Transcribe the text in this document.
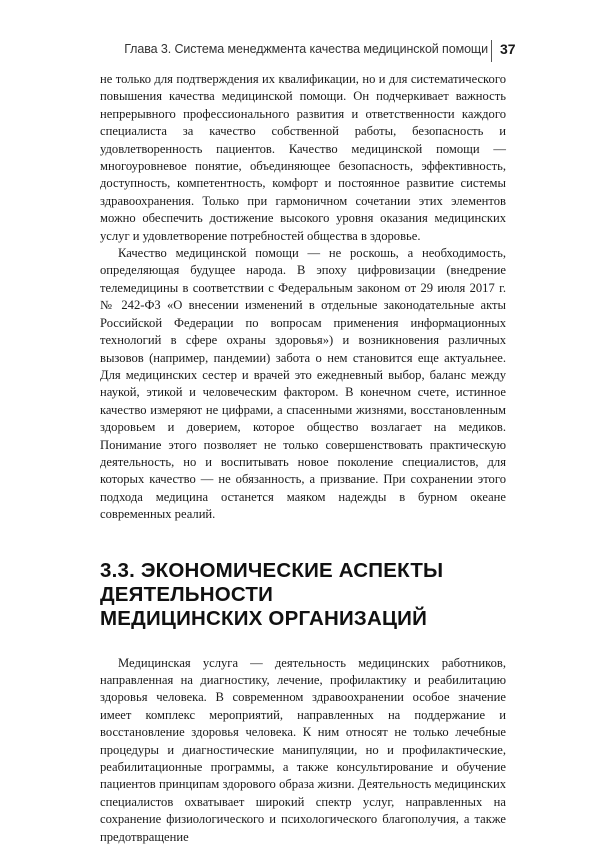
Глава 3. Система менеджмента качества медицинской помощи 37

не только для подтверждения их квалификации, но и для систематического повышения качества медицинской помощи. Он подчеркивает важность непрерывного профессионального развития и ответственности каждого специалиста за качество собственной работы, безопасность и удовлетворенность пациентов. Качество медицинской помощи — многоуровневое понятие, объединяющее безопасность, эффективность, доступность, компетентность, комфорт и постоянное развитие системы здравоохранения. Только при гармоничном сочетании этих элементов можно обеспечить достижение высокого уровня оказания медицинских услуг и удовлетворение потребностей общества в здоровье.

Качество медицинской помощи — не роскошь, а необходимость, определяющая будущее народа. В эпоху цифровизации (внедрение телемедицины в соответствии с Федеральным законом от 29 июля 2017 г. № 242-ФЗ «О внесении изменений в отдельные законодательные акты Российской Федерации по вопросам применения информационных технологий в сфере охраны здоровья») и возникновения различных вызовов (например, пандемии) забота о нем становится еще актуальнее. Для медицинских сестер и врачей это ежедневный выбор, баланс между наукой, этикой и человеческим фактором. В конечном счете, истинное качество измеряют не цифрами, а спасенными жизнями, восстановленным здоровьем и доверием, которое общество возлагает на медиков. Понимание этого позволяет не только совершенствовать практическую деятельность, но и воспитывать новое поколение специалистов, для которых качество — не обязанность, а призвание. При сохранении этого подхода медицина останется маяком надежды в бурном океане современных реалий.

3.3. ЭКОНОМИЧЕСКИЕ АСПЕКТЫ
ДЕЯТЕЛЬНОСТИ
МЕДИЦИНСКИХ ОРГАНИЗАЦИЙ

Медицинская услуга — деятельность медицинских работников, направленная на диагностику, лечение, профилактику и реабилитацию здоровья человека. В современном здравоохранении особое значение имеет комплекс мероприятий, направленных на поддержание и восстановление здоровья человека. К ним относят не только лечебные процедуры и диагностические манипуляции, но и профилактические, реабилитационные программы, а также консультирование и обучение пациентов принципам здорового образа жизни. Деятельность медицинских специалистов охватывает широкий спектр услуг, направленных на сохранение физиологического и психологического благополучия, а также предотвращение
